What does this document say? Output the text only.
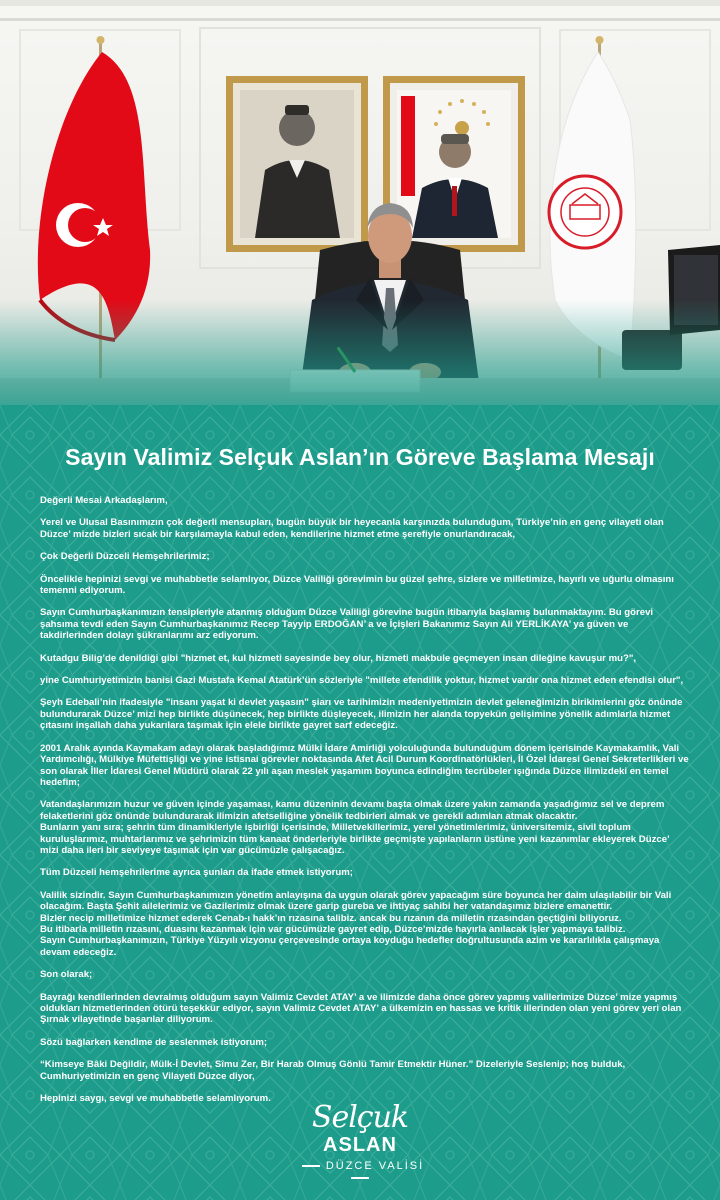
Sayın Valimiz Selçuk Aslan’ın Göreve Başlama Mesajı

Değerli Mesai Arkadaşlarım,

Yerel ve Ulusal Basınımızın çok değerli mensupları, bugün büyük bir heyecanla karşınızda bulunduğum, Türkiye’nin en genç vilayeti olan Düzce’ mizde bizleri sıcak bir karşılamayla kabul eden, kendilerine hizmet etme şerefiyle onurlandıracak,

Çok Değerli Düzceli Hemşehrilerimiz;

Öncelikle hepinizi sevgi ve muhabbetle selamlıyor, Düzce Valiliği görevimin bu güzel şehre, sizlere ve milletimize, hayırlı ve uğurlu olmasını temenni ediyorum.

Sayın Cumhurbaşkanımızın tensipleriyle atanmış olduğum Düzce Valiliği görevine bugün itibarıyla başlamış bulunmaktayım. Bu görevi şahsıma tevdi eden Sayın Cumhurbaşkanımız Recep Tayyip ERDOĞAN’ a ve İçişleri Bakanımız Sayın Ali YERLİKAYA’ ya güven ve takdirlerinden dolayı şükranlarımı arz ediyorum.

Kutadgu Bilig’de denildiği gibi "hizmet et, kul hizmeti sayesinde bey olur, hizmeti makbule geçmeyen insan dileğine kavuşur mu?",

yine Cumhuriyetimizin banisi Gazi Mustafa Kemal Atatürk’ün sözleriyle "millete efendilik yoktur, hizmet vardır ona hizmet eden efendisi olur",

Şeyh Edebali’nin ifadesiyle "insanı yaşat ki devlet yaşasın" şiarı ve tarihimizin medeniyetimizin devlet geleneğimizin birikimlerini göz önünde bulundurarak Düzce’ mizi hep birlikte düşünecek, hep birlikte düşleyecek, ilimizin her alanda topyekün gelişimine yönelik adımlarla hizmet çıtasını inşallah daha yukarılara taşımak için elele birlikte gayret sarf edeceğiz.

2001 Aralık ayında Kaymakam adayı olarak başladığımız Mülki İdare Amirliği yolculuğunda bulunduğum dönem içerisinde Kaymakamlık, Vali Yardımcılığı, Mülkiye Müfettişliği ve yine istisnai görevler noktasında Afet Acil Durum Koordinatörlükleri, İl Özel İdaresi Genel Sekreterlikleri ve son olarak İller İdaresi Genel Müdürü olarak 22 yılı aşan meslek yaşamım boyunca edindiğim tecrübeler ışığında Düzce ilimizdeki en temel hedefim;

Vatandaşlarımızın huzur ve güven içinde yaşaması, kamu düzeninin devamı başta olmak üzere yakın zamanda yaşadığımız sel ve deprem felaketlerini göz önünde bulundurarak ilimizin afetselliğine yönelik tedbirleri almak ve gerekli adımları atmak olacaktır.
Bunların yanı sıra; şehrin tüm dinamikleriyle işbirliği içerisinde, Milletvekillerimiz, yerel yönetimlerimiz, üniversitemiz, sivil toplum kuruluşlarımız, muhtarlarımız ve şehrimizin tüm kanaat önderleriyle birlikte geçmişte yapılanların üstüne yeni kazanımlar ekleyerek Düzce’ mizi daha ileri bir seviyeye taşımak için var gücümüzle çalışacağız.

Tüm Düzceli hemşehrilerime ayrıca şunları da ifade etmek istiyorum;

Valilik sizindir. Sayın Cumhurbaşkanımızın yönetim anlayışına da uygun olarak görev yapacağım süre boyunca her daim ulaşılabilir bir Vali olacağım. Başta Şehit ailelerimiz ve Gazilerimiz olmak üzere garip gureba ve ihtiyaç sahibi her vatandaşımız bizlere emanettir.
Bizler necip milletimize hizmet ederek Cenab-ı hakk’ın rızasına talibiz. ancak bu rızanın da milletin rızasından geçtiğini biliyoruz.
Bu itibarla milletin rızasını, duasını kazanmak için var gücümüzle gayret edip, Düzce’mizde hayırla anılacak işler yapmaya talibiz.
Sayın Cumhurbaşkanımızın, Türkiye Yüzyılı vizyonu çerçevesinde ortaya koyduğu hedefler doğrultusunda azim ve kararlılıkla çalışmaya devam edeceğiz.

Son olarak;

Bayrağı kendilerinden devralmış olduğum sayın Valimiz Cevdet ATAY’ a ve ilimizde daha önce görev yapmış valilerimize Düzce’ mize yapmış oldukları hizmetlerinden ötürü teşekkür ediyor, sayın Valimiz Cevdet ATAY’ a ülkemizin en hassas ve kritik illerinden olan yeni görev yeri olan Şırnak vilayetinde başarılar diliyorum.

Sözü bağlarken kendime de seslenmek istiyorum;

“Kimseye Bâki Değildir, Mülk-İ Devlet, Sîmu Zer, Bir Harab Olmuş Gönlü Tamir Etmektir Hüner.” Dizeleriyle Seslenip; hoş bulduk, Cumhuriyetimizin en genç Vilayeti Düzce diyor,

Hepinizi saygı, sevgi ve muhabbetle selamlıyorum.

Selçuk
ASLAN
DÜZCE VALİSİ
